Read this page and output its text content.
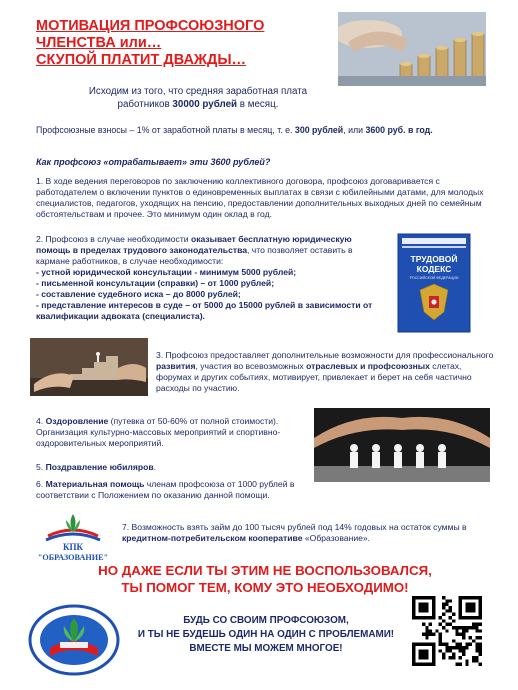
МОТИВАЦИЯ ПРОФСОЮЗНОГО
ЧЛЕНСТВА или…
СКУПОЙ ПЛАТИТ ДВАЖДЫ…
Исходим из того, что средняя заработная плата работников 30000 рублей в месяц.
Профсоюзные взносы – 1% от заработной платы в месяц, т. е. 300 рублей, или 3600 руб. в год.
Как профсоюз «отрабатывает» эти 3600 рублей?
1. В ходе ведения переговоров по заключению коллективного договора, профсоюз договаривается с работодателем о включении пунктов о единовременных выплатах в связи с юбилейными датами, для молодых специалистов, педагогов, уходящих на пенсию, предоставлении дополнительных выходных дней по семейным обстоятельствам и прочее. Это минимум один оклад в год.
2. Профсоюз в случае необходимости оказывает бесплатную юридическую помощь в пределах трудового законодательства, что позволяет оставить в кармане работников, в случае необходимости:
- устной юридической консультации - минимум 5000 рублей;
- письменной консультации (справки) – от 1000 рублей;
- составление судебного иска – до 8000 рублей;
- представление интересов в суде – от 5000 до 15000 рублей в зависимости от квалификации адвоката (специалиста).
ТРУДОВОЙ
КОДЕКС
РОССИЙСКОЙ ФЕДЕРАЦИИ
3. Профсоюз предоставляет дополнительные возможности для профессионального развития, участия во всевозможных отраслевых и профсоюзных слетах, форумах и других событиях, мотивирует, привлекает и берет на себя частично расходы по участию.
4. Оздоровление (путевка от 50-60% от полной стоимости). Организация культурно-массовых мероприятий и спортивно-оздоровительных мероприятий.
5. Поздравление юбиляров.
6. Материальная помощь членам профсоюза от 1000 рублей в соответствии с Положением по оказанию данной помощи.
КПК
"ОБРАЗОВАНИЕ"
7. Возможность взять займ до 100 тысяч рублей под 14% годовых на остаток суммы в кредитном-потребительском кооперативе «Образование».
НО ДАЖЕ ЕСЛИ ТЫ ЭТИМ НЕ ВОСПОЛЬЗОВАЛСЯ,
ТЫ ПОМОГ ТЕМ, КОМУ ЭТО НЕОБХОДИМО!
БУДЬ СО СВОИМ ПРОФСОЮЗОМ,
И ТЫ НЕ БУДЕШЬ ОДИН НА ОДИН С ПРОБЛЕМАМИ!
ВМЕСТЕ МЫ МОЖЕМ МНОГОЕ!
